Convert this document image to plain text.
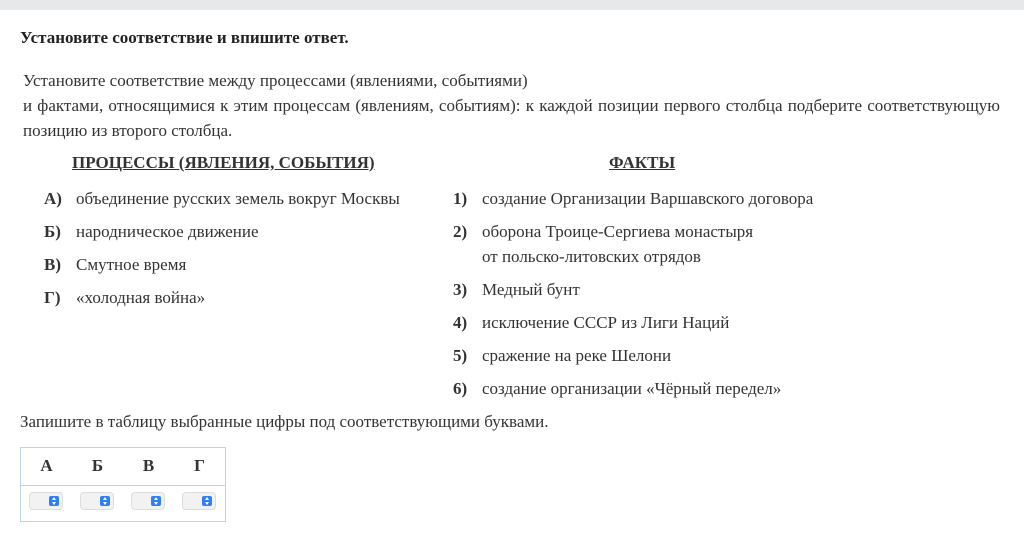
Установите соответствие и впишите ответ.
Установите соответствие между процессами (явлениями, событиями)
и фактами, относящимися к этим процессам (явлениям, событиям): к каждой позиции первого столбца подберите соответствующую позицию из второго столбца.
ПРОЦЕССЫ (ЯВЛЕНИЯ, СОБЫТИЯ)	ФАКТЫ
А) объединение русских земель вокруг Москвы
Б) народническое движение
В) Смутное время
Г) «холодная война»
1) создание Организации Варшавского договора
2) оборона Троице-Сергиева монастыря
от польско-литовских отрядов
3) Медный бунт
4) исключение СССР из Лиги Наций
5) сражение на реке Шелони
6) создание организации «Чёрный передел»
Запишите в таблицу выбранные цифры под соответствующими буквами.
А	Б	В	Г
